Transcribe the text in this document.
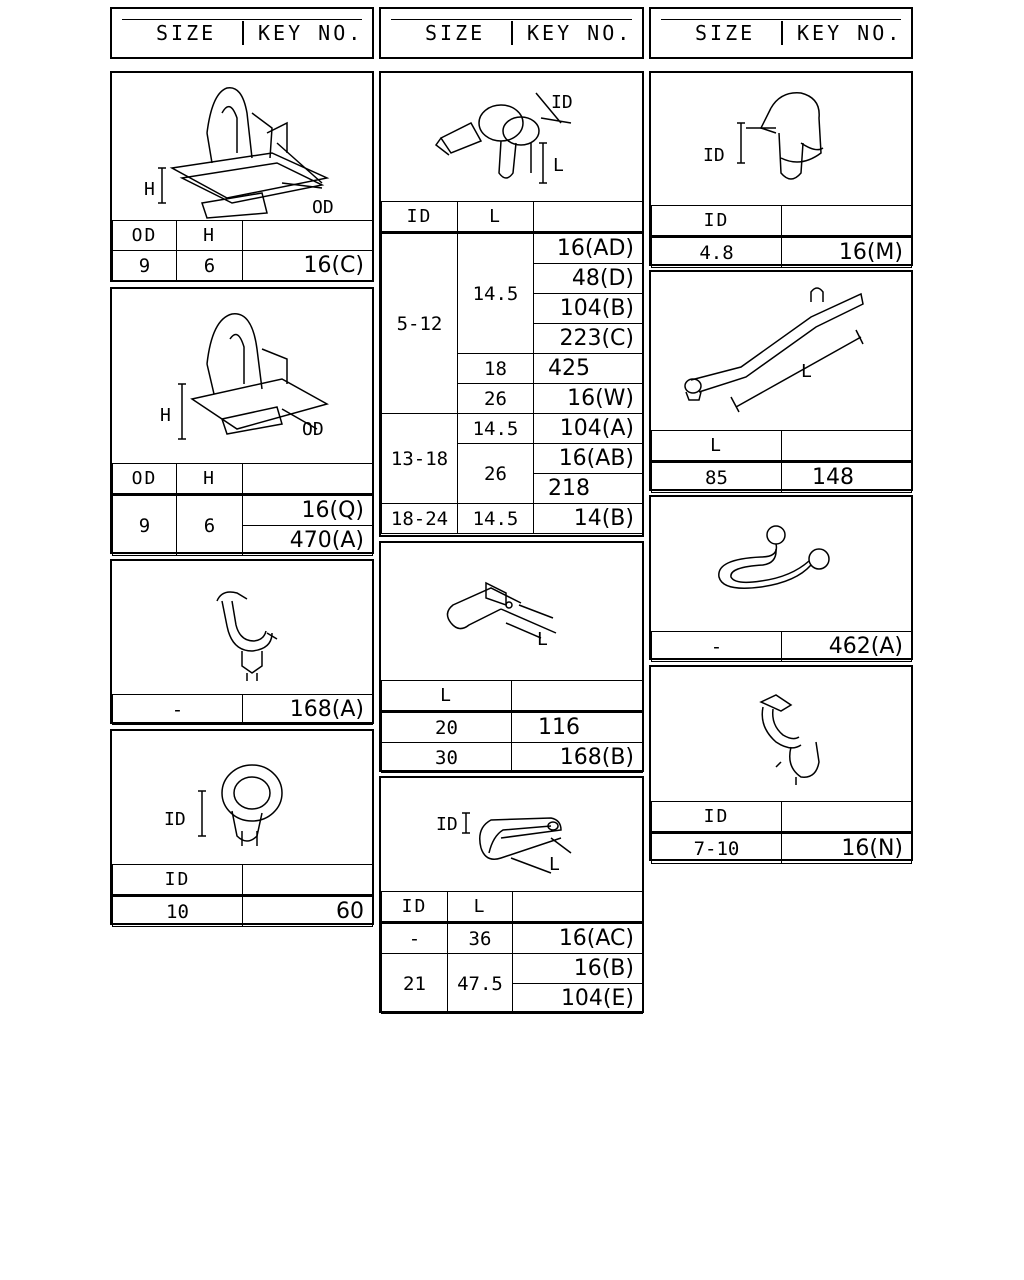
SIZE KEY NO.	SIZE KEY NO.	SIZE KEY NO.
H
OD
OD	H	
9	6	16(C)
H
OD
OD	H	
9	6	16(Q)
		470(A)
-	168(A)
ID
ID	
10	60
ID
L
ID	L	
5-12	14.5	16(AD)
		48(D)
		104(B)
		223(C)
	18	425
	26	16(W)
13-18	14.5	104(A)
	26	16(AB)
		218
18-24	14.5	14(B)
L
L	
20	116
30	168(B)
ID
L
ID	L	
-	36	16(AC)
21	47.5	16(B)
		104(E)
ID
ID	
4.8	16(M)
L
L	
85	148
-	462(A)
ID	
7-10	16(N)
